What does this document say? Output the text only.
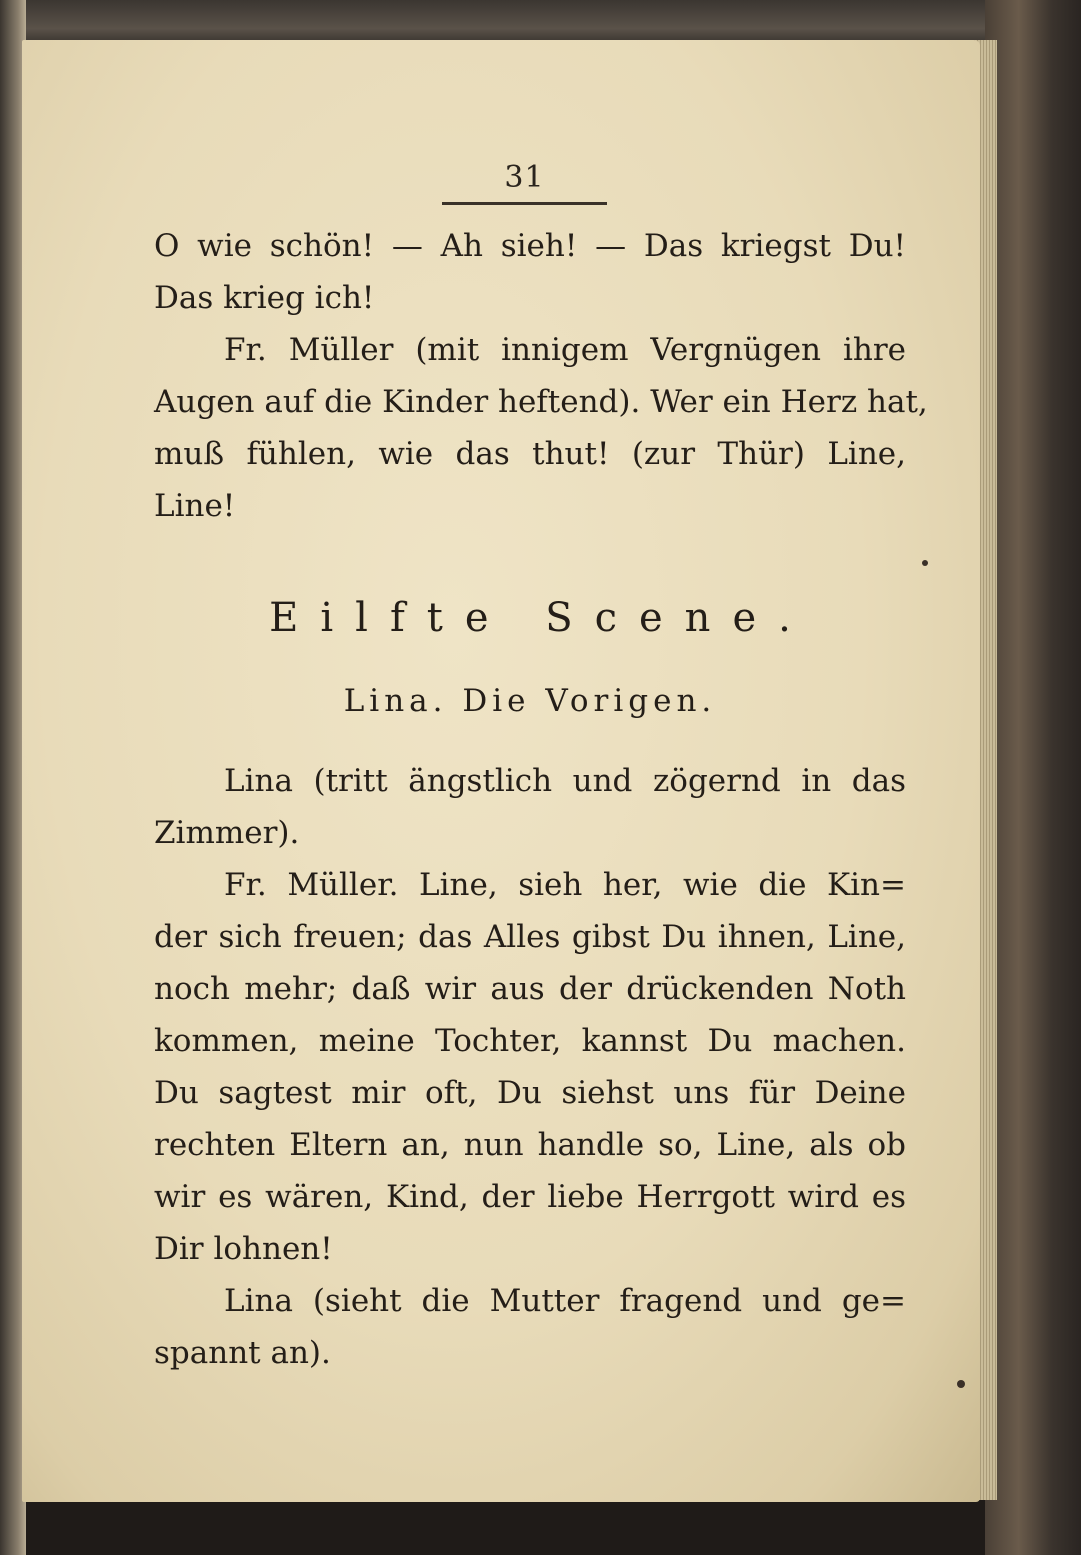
31
O wie schön! — Ah sieh! — Das kriegst Du!
Das krieg ich!
Fr. Müller (mit innigem Vergnügen ihre
Augen auf die Kinder heftend). Wer ein Herz hat,
muß fühlen, wie das thut! (zur Thür) Line,
Line!
Eilfte Scene.
Lina. Die Vorigen.
Lina (tritt ängstlich und zögernd in das
Zimmer).
Fr. Müller. Line, sieh her, wie die Kin=
der sich freuen; das Alles gibst Du ihnen, Line,
noch mehr; daß wir aus der drückenden Noth
kommen, meine Tochter, kannst Du machen.
Du sagtest mir oft, Du siehst uns für Deine
rechten Eltern an, nun handle so, Line, als ob
wir es wären, Kind, der liebe Herrgott wird es
Dir lohnen!
Lina (sieht die Mutter fragend und ge=
spannt an).
